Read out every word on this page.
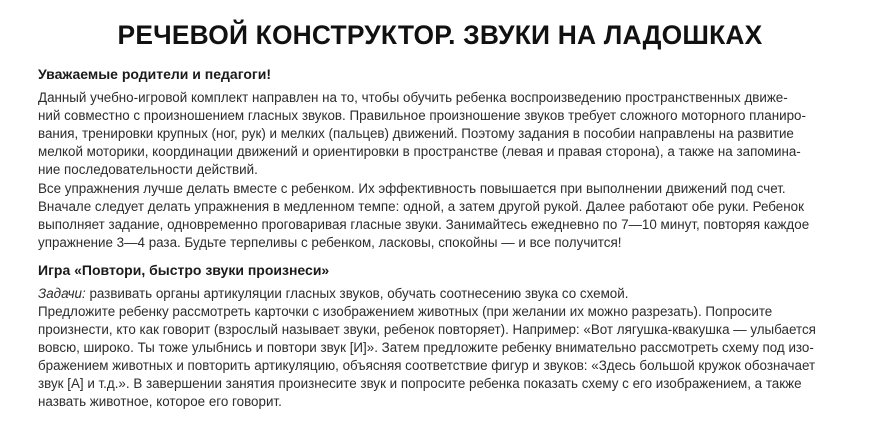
РЕЧЕВОЙ КОНСТРУКТОР. ЗВУКИ НА ЛАДОШКАХ
Уважаемые родители и педагоги!
Данный учебно-игровой комплект направлен на то, чтобы обучить ребенка воспроизведению пространственных движе-
ний совместно с произношением гласных звуков. Правильное произношение звуков требует сложного моторного планиро-
вания, тренировки крупных (ног, рук) и мелких (пальцев) движений. Поэтому задания в пособии направлены на развитие
мелкой моторики, координации движений и ориентировки в пространстве (левая и правая сторона), а также на запомина-
ние последовательности действий.
Все упражнения лучше делать вместе с ребенком. Их эффективность повышается при выполнении движений под счет.
Вначале следует делать упражнения в медленном темпе: одной, а затем другой рукой. Далее работают обе руки. Ребенок
выполняет задание, одновременно проговаривая гласные звуки. Занимайтесь ежедневно по 7—10 минут, повторяя каждое
упражнение 3—4 раза. Будьте терпеливы с ребенком, ласковы, спокойны — и все получится!
Игра «Повтори, быстро звуки произнеси»
Задачи: развивать органы артикуляции гласных звуков, обучать соотнесению звука со схемой.
Предложите ребенку рассмотреть карточки с изображением животных (при желании их можно разрезать). Попросите
произнести, кто как говорит (взрослый называет звуки, ребенок повторяет). Например: «Вот лягушка-квакушка — улыбается
вовсю, широко. Ты тоже улыбнись и повтори звук [И]». Затем предложите ребенку внимательно рассмотреть схему под изо-
бражением животных и повторить артикуляцию, объясняя соответствие фигур и звуков: «Здесь большой кружок обозначает
звук [А] и т.д.». В завершении занятия произнесите звук и попросите ребенка показать схему с его изображением, а также
назвать животное, которое его говорит.
